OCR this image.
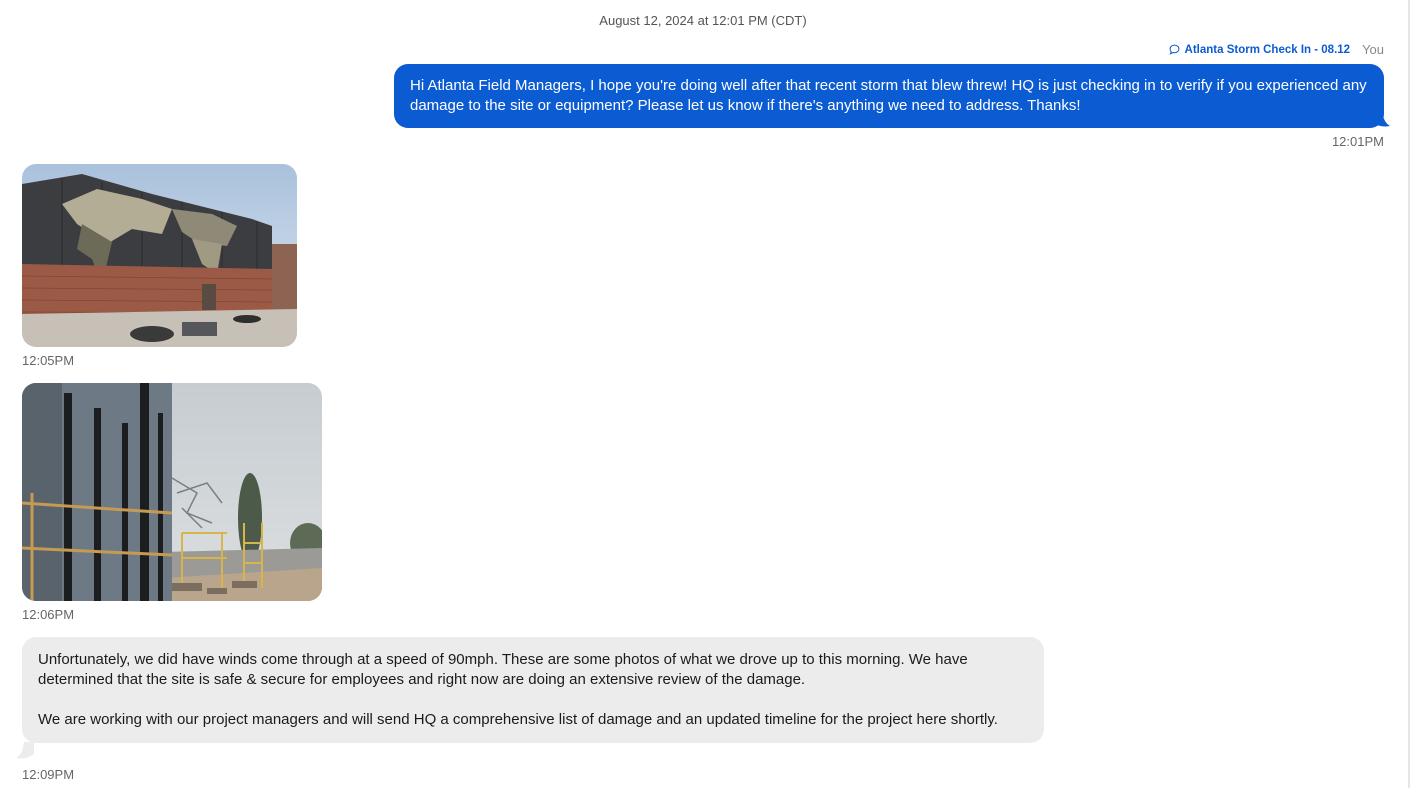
August 12, 2024 at 12:01 PM (CDT)
Atlanta Storm Check In - 08.12 You
Hi Atlanta Field Managers, I hope you're doing well after that recent storm that blew threw! HQ is just checking in to verify if you experienced any damage to the site or equipment? Please let us know if there's anything we need to address. Thanks!
12:01PM
12:05PM
12:06PM

Unfortunately, we did have winds come through at a speed of 90mph. These are some photos of what we drove up to this morning. We have determined that the site is safe & secure for employees and right now are doing an extensive review of the damage.

We are working with our project managers and will send HQ a comprehensive list of damage and an updated timeline for the project here shortly.

12:09PM
